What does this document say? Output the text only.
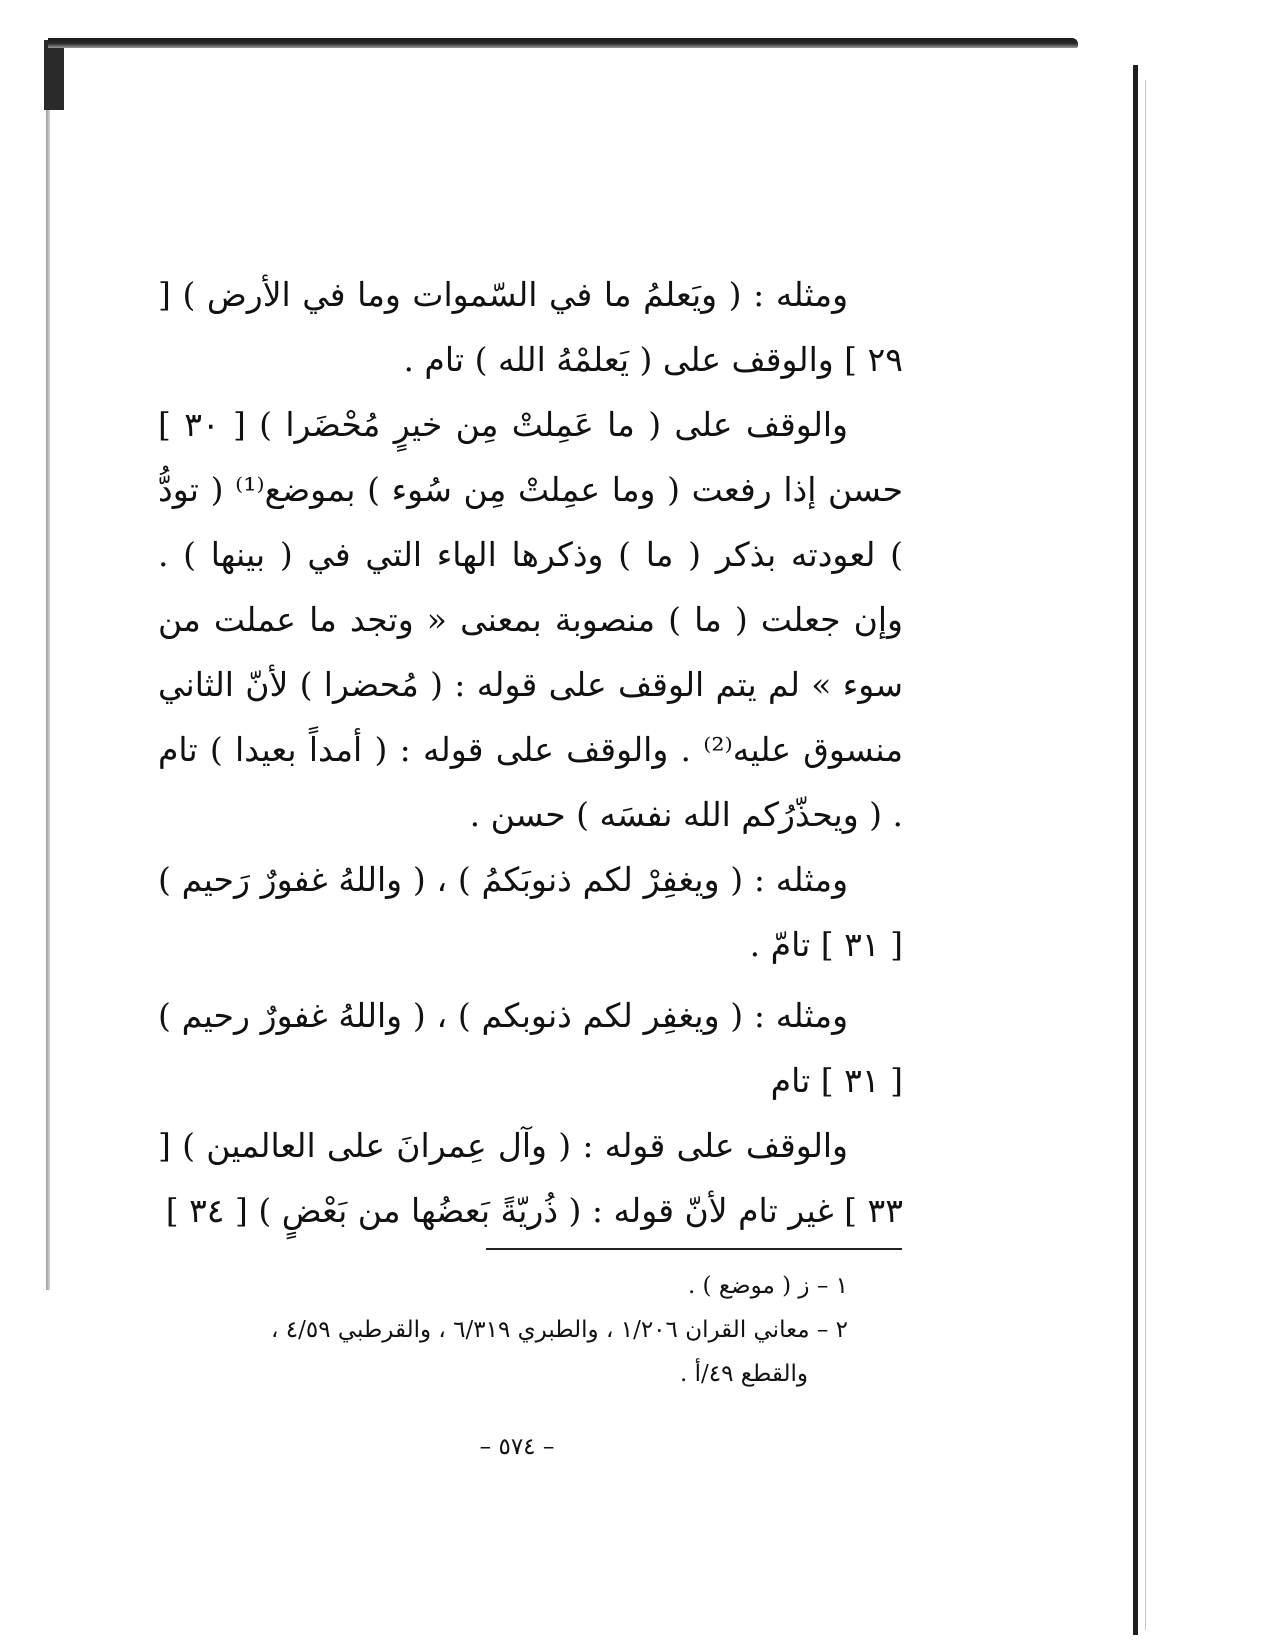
ومثله : ( ويَعلمُ ما في السّموات وما في الأرض ) [ ٢٩ ] والوقف على ( يَعلمْهُ الله ) تام .

والوقف على ( ما عَمِلتْ مِن خيرٍ مُحْضَرا ) [ ٣٠ ] حسن إذا رفعت ( وما عمِلتْ مِن سُوء ) بموضع⁽¹⁾ ( تودُّ ) لعودته بذكر ( ما ) وذكرها الهاء التي في ( بينها ) . وإن جعلت ( ما ) منصوبة بمعنى « وتجد ما عملت من سوء » لم يتم الوقف على قوله : ( مُحضرا ) لأنّ الثاني منسوق عليه⁽²⁾ . والوقف على قوله : ( أمداً بعيدا ) تام . ( ويحذّرُكم الله نفسَه ) حسن .

ومثله : ( ويغفِرْ لكم ذنوبَكمُ ) ، ( واللهُ غفورٌ رَحيم ) [ ٣١ ] تامّ .

ومثله : ( ويغفِر لكم ذنوبكم ) ، ( واللهُ غفورٌ رحيم ) [ ٣١ ] تام

والوقف على قوله : ( وآل عِمرانَ على العالمين ) [ ٣٣ ] غير تام لأنّ قوله : ( ذُريّةً بَعضُها من بَعْضٍ ) [ ٣٤ ]

١ – ز ( موضع ) .

٢ – معاني القران ١/٢٠٦ ، والطبري ٦/٣١٩ ، والقرطبي ٤/٥٩ ،

والقطع ٤٩/أ .

– ٥٧٤ –
